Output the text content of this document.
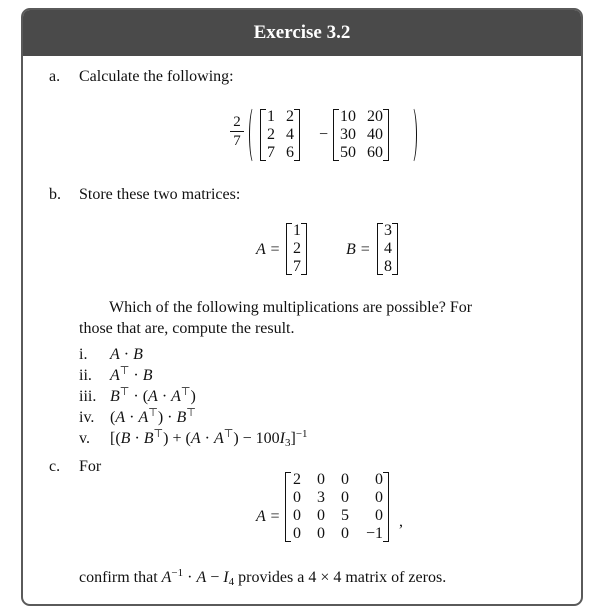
Exercise 3.2
a. Calculate the following:
2
7
1 2
2 4
7 6
−
10 20
30 40
50 60
b. Store these two matrices:
A =
1
2
7
B =
3
4
8
Which of the following multiplications are possible? For
those that are, compute the result.
i. A · B
ii. A⊤ · B
iii. B⊤ · (A · A⊤)
iv. (A · A⊤) · B⊤
v. $[(B \cdot B^⊤) + (A \cdot A^⊤) - 100I_3]^{-1}$
c. For
A =
2 0 0	0
0 3 0	0
0 0 5	0
0 0 0 −1
,
confirm that $A^{-1} \cdot A - I_4$ provides a 4 × 4 matrix of zeros.
